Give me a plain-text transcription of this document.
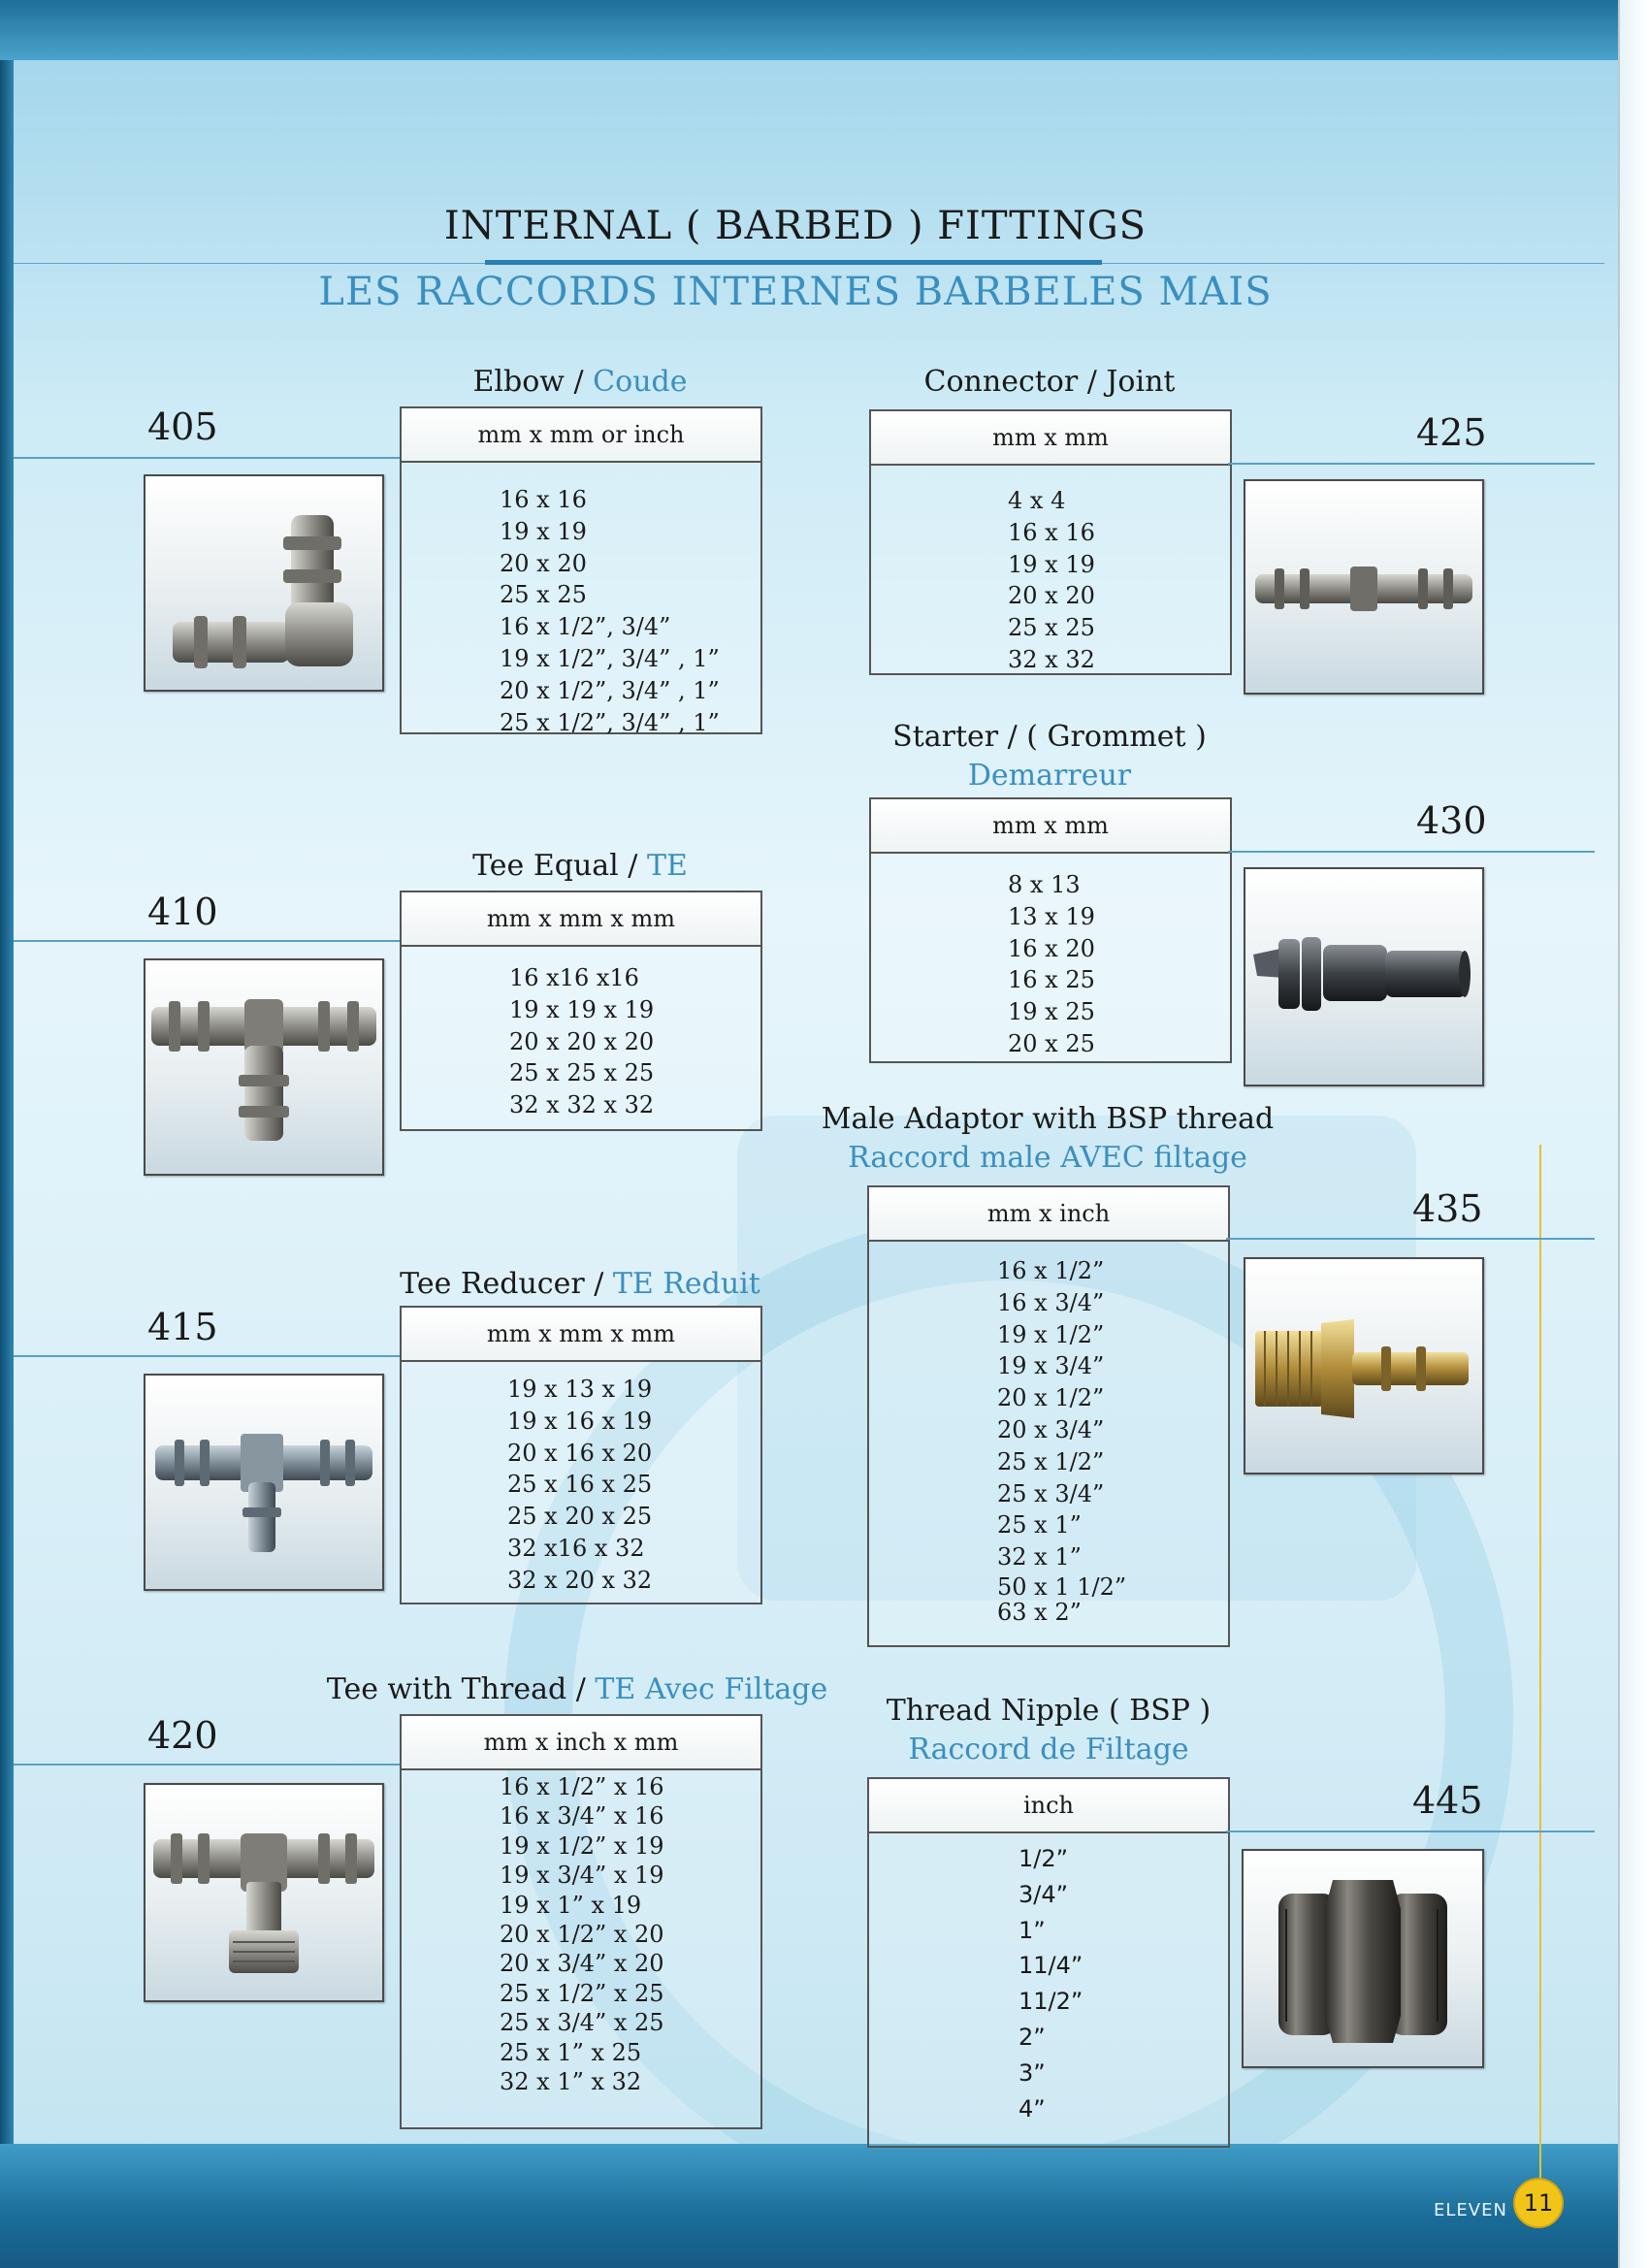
INTERNAL ( BARBED ) FITTINGS
LES RACCORDS INTERNES BARBELES MAIS
Elbow / Coude
405	mm x mm or inch
16 x 16
19 x 19
20 x 20
25 x 25
16 x 1/2”, 3/4”
19 x 1/2”, 3/4” , 1”
20 x 1/2”, 3/4” , 1”
25 x 1/2”, 3/4” , 1”
Tee Equal / TE
410	mm x mm x mm
16 x16 x16
19 x 19 x 19
20 x 20 x 20
25 x 25 x 25
32 x 32 x 32
Tee Reducer / TE Reduit
415	mm x mm x mm
19 x 13 x 19
19 x 16 x 19
20 x 16 x 20
25 x 16 x 25
25 x 20 x 25
32 x16 x 32
32 x 20 x 32
Tee with Thread / TE Avec Filtage
420	mm x inch x mm
16 x 1/2” x 16
16 x 3/4” x 16
19 x 1/2” x 19
19 x 3/4” x 19
19 x 1” x 19
20 x 1/2” x 20
20 x 3/4” x 20
25 x 1/2” x 25
25 x 3/4” x 25
25 x 1” x 25
32 x 1” x 32
Connector / Joint
mm x mm
4 x 4
16 x 16
19 x 19
20 x 20
25 x 25
32 x 32
425
Starter / ( Grommet )
Demarreur
mm x mm
8 x 13
13 x 19
16 x 20
16 x 25
19 x 25
20 x 25
430
Male Adaptor with BSP thread
Raccord male AVEC filtage
mm x inch
16 x 1/2”
16 x 3/4”
19 x 1/2”
19 x 3/4”
20 x 1/2”
20 x 3/4”
25 x 1/2”
25 x 3/4”
25 x 1”
32 x 1”
50 x 1 1/2”
63 x 2”
435
Thread Nipple ( BSP )
Raccord de Filtage
inch
1/2”
3/4”
1”
11/4”
11/2”
2”
3”
4”
445
ELEVEN 11
